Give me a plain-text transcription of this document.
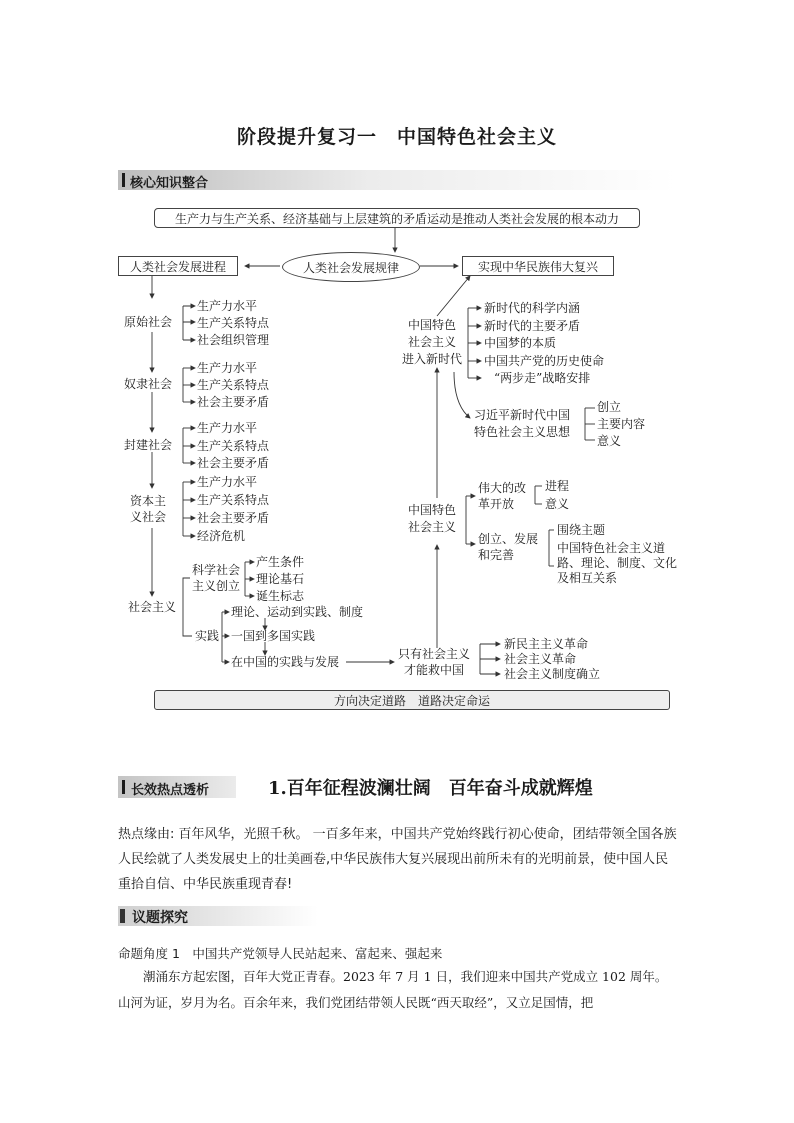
阶段提升复习一　中国特色社会主义
核心知识整合
生产力与生产关系、经济基础与上层建筑的矛盾运动是推动人类社会发展的根本动力
人类社会发展进程	人类社会发展规律	实现中华民族伟大复兴
原始社会
生产力水平
生产关系特点
社会组织管理
奴隶社会
生产力水平
生产关系特点
社会主要矛盾
封建社会
生产力水平
生产关系特点
社会主要矛盾
资本主
义社会
生产力水平
生产关系特点
社会主要矛盾
经济危机
社会主义
科学社会
主义创立
产生条件
理论基石
诞生标志
实践
理论、运动到实践、制度
一国到多国实践
在中国的实践与发展
中国特色
社会主义
进入新时代
新时代的科学内涵
新时代的主要矛盾
中国梦的本质
中国共产党的历史使命
“两步走”战略安排
习近平新时代中国
特色社会主义思想
创立
主要内容
意义
中国特色
社会主义
伟大的改
革开放
进程
意义
创立、发展
和完善
围绕主题
中国特色社会主义道
路、理论、制度、文化
及相互关系
只有社会主义
才能救中国
新民主主义革命
社会主义革命
社会主义制度确立
方向决定道路　道路决定命运
长效热点透析	1.百年征程波澜壮阔　百年奋斗成就辉煌
热点缘由: 百年风华，光照千秋。 一百多年来，中国共产党始终践行初心使命，团结带领全国各族人民绘就了人类发展史上的壮美画卷,中华民族伟大复兴展现出前所未有的光明前景，使中国人民重拾自信、中华民族重现青春!
议题探究
命题角度 1　中国共产党领导人民站起来、富起来、强起来
　　潮涌东方起宏图，百年大党正青春。2023 年 7 月 1 日，我们迎来中国共产党成立 102 周年。山河为证，岁月为名。百余年来，我们党团结带领人民既“西天取经”，又立足国情，把
